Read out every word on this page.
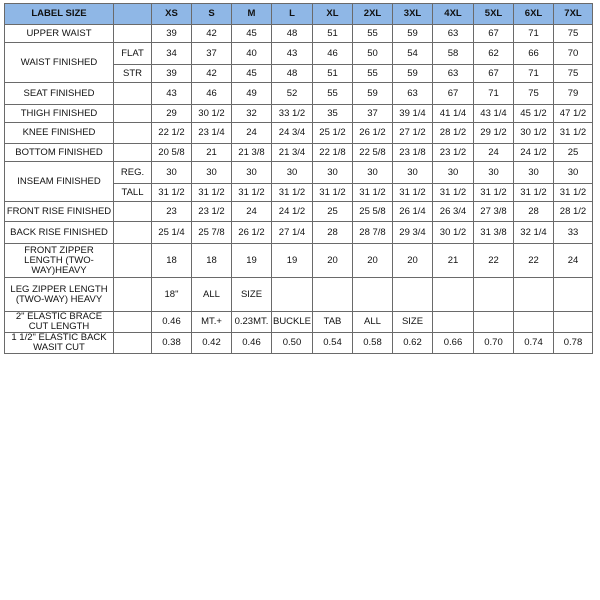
LABEL SIZE		XS	S	M	L	XL	2XL	3XL	4XL	5XL	6XL	7XL
UPPER WAIST		39	42	45	48	51	55	59	63	67	71	75
WAIST FINISHED	FLAT	34	37	40	43	46	50	54	58	62	66	70
	STR	39	42	45	48	51	55	59	63	67	71	75
SEAT FINISHED		43	46	49	52	55	59	63	67	71	75	79
THIGH FINISHED		29	30 1/2	32	33 1/2	35	37	39 1/4	41 1/4	43 1/4	45 1/2	47 1/2
KNEE FINISHED		22 1/2	23 1/4	24	24 3/4	25 1/2	26 1/2	27 1/2	28 1/2	29 1/2	30 1/2	31 1/2
BOTTOM FINISHED		20 5/8	21	21 3/8	21 3/4	22 1/8	22 5/8	23 1/8	23 1/2	24	24 1/2	25
INSEAM FINISHED	REG.	30	30	30	30	30	30	30	30	30	30	30
	TALL	31 1/2	31 1/2	31 1/2	31 1/2	31 1/2	31 1/2	31 1/2	31 1/2	31 1/2	31 1/2	31 1/2
FRONT RISE FINISHED		23	23 1/2	24	24 1/2	25	25 5/8	26 1/4	26 3/4	27 3/8	28	28 1/2
BACK RISE FINISHED		25 1/4	25 7/8	26 1/2	27 1/4	28	28 7/8	29 3/4	30 1/2	31 3/8	32 1/4	33
FRONT ZIPPER LENGTH (TWO-WAY)HEAVY		18	18	19	19	20	20	20	21	22	22	24
LEG ZIPPER LENGTH (TWO-WAY) HEAVY		18"	ALL	SIZE								
2" ELASTIC BRACE CUT LENGTH		0.46	MT.+	0.23MT.	BUCKLE	TAB	ALL	SIZE				
1 1/2" ELASTIC BACK WASIT CUT		0.38	0.42	0.46	0.50	0.54	0.58	0.62	0.66	0.70	0.74	0.78
